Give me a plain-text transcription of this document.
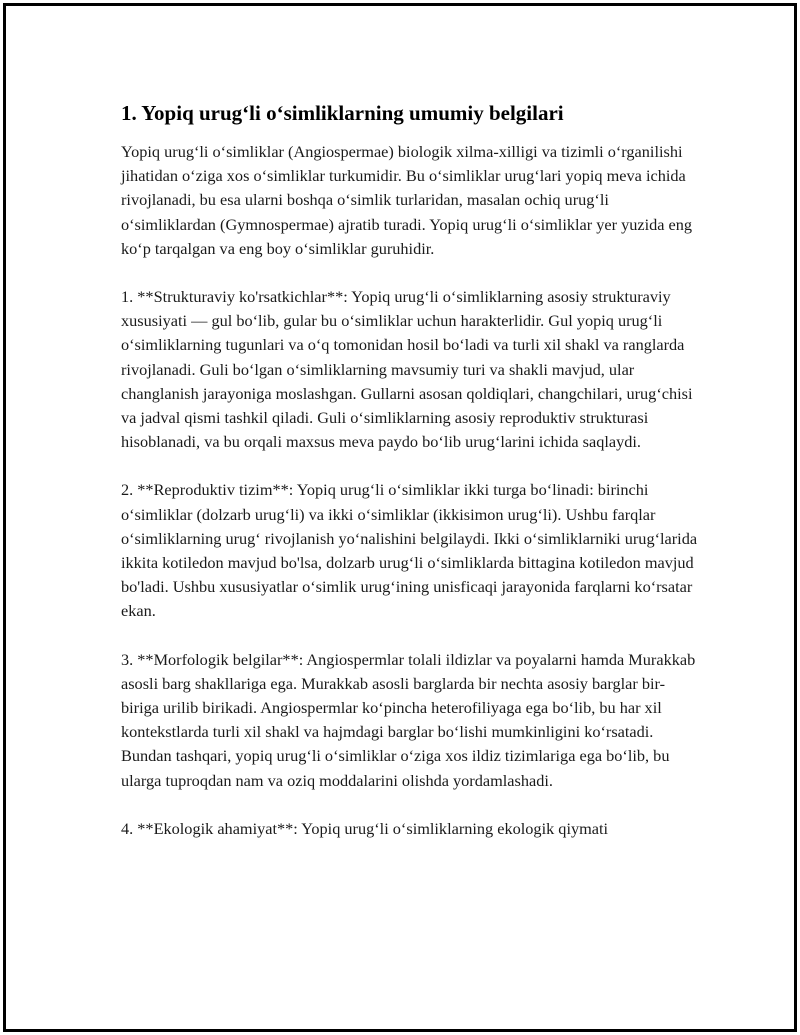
1. Yopiq urug‘li o‘simliklarning umumiy belgilari

Yopiq urug‘li o‘simliklar (Angiospermae) biologik xilma-xilligi va tizimli o‘rganilishi jihatidan o‘ziga xos o‘simliklar turkumidir. Bu o‘simliklar urug‘lari yopiq meva ichida rivojlanadi, bu esa ularni boshqa o‘simlik turlaridan, masalan ochiq urug‘li o‘simliklardan (Gymnospermae) ajratib turadi. Yopiq urug‘li o‘simliklar yer yuzida eng ko‘p tarqalgan va eng boy o‘simliklar guruhidir.

1. **Strukturaviy ko'rsatkichlar**: Yopiq urug‘li o‘simliklarning asosiy strukturaviy xususiyati — gul bo‘lib, gular bu o‘simliklar uchun harakterlidir. Gul yopiq urug‘li o‘simliklarning tugunlari va o‘q tomonidan hosil bo‘ladi va turli xil shakl va ranglarda rivojlanadi. Guli bo‘lgan o‘simliklarning mavsumiy turi va shakli mavjud, ular changlanish jarayoniga moslashgan. Gullarni asosan qoldiqlari, changchilari, urug‘chisi va jadval qismi tashkil qiladi. Guli o‘simliklarning asosiy reproduktiv strukturasi hisoblanadi, va bu orqali maxsus meva paydo bo‘lib urug‘larini ichida saqlaydi.

2. **Reproduktiv tizim**: Yopiq urug‘li o‘simliklar ikki turga bo‘linadi: birinchi o‘simliklar (dolzarb urug‘li) va ikki o‘simliklar (ikkisimon urug‘li). Ushbu farqlar o‘simliklarning urug‘ rivojlanish yo‘nalishini belgilaydi. Ikki o‘simliklarniki urug‘larida ikkita kotiledon mavjud bo'lsa, dolzarb urug‘li o‘simliklarda bittagina kotiledon mavjud bo'ladi. Ushbu xususiyatlar o‘simlik urug‘ining unisficaqi jarayonida farqlarni ko‘rsatar ekan.

3. **Morfologik belgilar**: Angiospermlar tolali ildizlar va poyalarni hamda Murakkab asosli barg shakllariga ega. Murakkab asosli barglarda bir nechta asosiy barglar bir-biriga urilib birikadi. Angiospermlar ko‘pincha heterofiliyaga ega bo‘lib, bu har xil kontekstlarda turli xil shakl va hajmdagi barglar bo‘lishi mumkinligini ko‘rsatadi. Bundan tashqari, yopiq urug‘li o‘simliklar o‘ziga xos ildiz tizimlariga ega bo‘lib, bu ularga tuproqdan nam va oziq moddalarini olishda yordamlashadi.

4. **Ekologik ahamiyat**: Yopiq urug‘li o‘simliklarning ekologik qiymati
